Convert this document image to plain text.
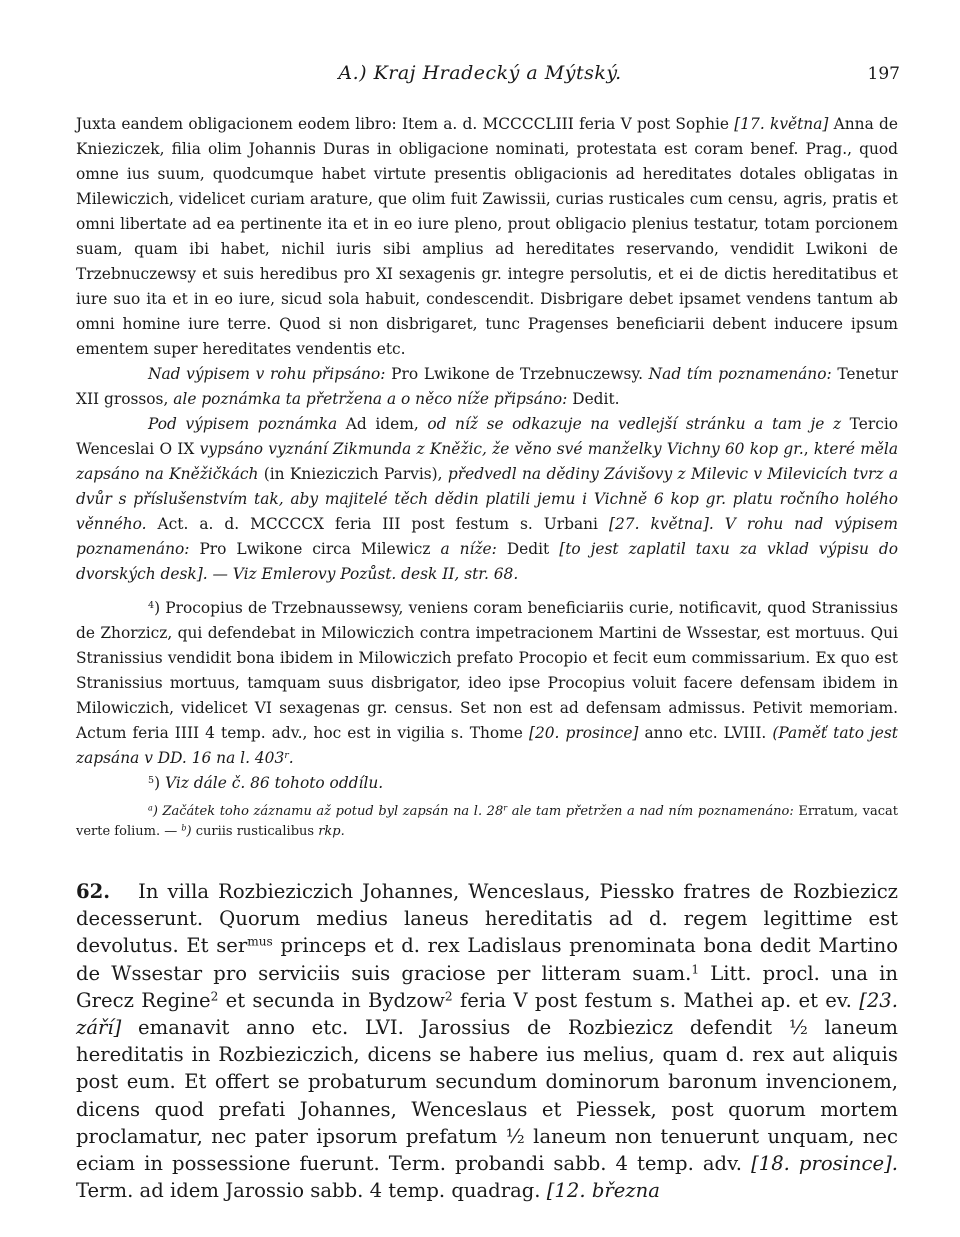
A.) Kraj Hradecký a Mýtský.	197

Juxta eandem obligacionem eodem libro: Item a. d. MCCCCLIII feria V post Sophie [17. května] Anna de Knieziczek, filia olim Johannis Duras in obligacione nominati, protestata est coram benef. Prag., quod omne ius suum, quodcumque habet virtute presentis obligacionis ad hereditates dotales obligatas in Milewiczich, videlicet curiam arature, que olim fuit Zawissii, curias rusticales cum censu, agris, pratis et omni libertate ad ea pertinente ita et in eo iure pleno, prout obligacio plenius testatur, totam porcionem suam, quam ibi habet, nichil iuris sibi amplius ad hereditates reservando, vendidit Lwikoni de Trzebnuczewsy et suis heredibus pro XI sexagenis gr. integre persolutis, et ei de dictis hereditatibus et iure suo ita et in eo iure, sicud sola habuit, condescendit. Disbrigare debet ipsamet vendens tantum ab omni homine iure terre. Quod si non disbrigaret, tunc Pragenses beneficiarii debent inducere ipsum ementem super hereditates vendentis etc.

Nad výpisem v rohu připsáno: Pro Lwikone de Trzebnuczewsy. Nad tím poznamenáno: Tenetur XII grossos, ale poznámka ta přetržena a o něco níže připsáno: Dedit.

Pod výpisem poznámka Ad idem, od níž se odkazuje na vedlejší stránku a tam je z Tercio Wenceslai O IX vypsáno vyznání Zikmunda z Kněžic, že věno své manželky Vichny 60 kop gr., které měla zapsáno na Kněžičkách (in Knieziczich Parvis), předvedl na dědiny Závišovy z Milevic v Milevicích tvrz a dvůr s příslušenstvím tak, aby majitelé těch dědin platili jemu i Vichně 6 kop gr. platu ročního holého věnného. Act. a. d. MCCCCX feria III post festum s. Urbani [27. května]. V rohu nad výpisem poznamenáno: Pro Lwikone circa Milewicz a níže: Dedit [to jest zaplatil taxu za vklad výpisu do dvorských desk]. — Viz Emlerovy Pozůst. desk II, str. 68.

$^4$) Procopius de Trzebnaussewsy, veniens coram beneficiariis curie, notificavit, quod Stranissius de Zhorzicz, qui defendebat in Milowiczich contra impetracionem Martini de Wssestar, est mortuus. Qui Stranissius vendidit bona ibidem in Milowiczich prefato Procopio et fecit eum commissarium. Ex quo est Stranissius mortuus, tamquam suus disbrigator, ideo ipse Procopius voluit facere defensam ibidem in Milowiczich, videlicet VI sexagenas gr. census. Set non est ad defensam admissus. Petivit memoriam. Actum feria IIII 4 temp. adv., hoc est in vigilia s. Thome [20. prosince] anno etc. LVIII. (Paměť tato jest zapsána v DD. 16 na l. 403$^r$.

$^5$) Viz dále č. 86 tohoto oddílu.

$^a$) Začátek toho záznamu až potud byl zapsán na l. 28$^r$ ale tam přetržen a nad ním poznamenáno: Erratum, vacat verte folium. — $^b$) curiis rusticalibus rkp.

62. In villa Rozbieziczich Johannes, Wenceslaus, Piessko fratres de Rozbiezicz decesserunt. Quorum medius laneus hereditatis ad d. regem legittime est devolutus. Et ser$^{mus}$ princeps et d. rex Ladislaus prenominata bona dedit Martino de Wssestar pro serviciis suis graciose per litteram suam.$^1$ Litt. procl. una in Grecz Regine$^2$ et secunda in Bydzow$^2$ feria V post festum s. Mathei ap. et ev. [23. září] emanavit anno etc. LVI. Jarossius de Rozbiezicz defendit ½ laneum hereditatis in Rozbieziczich, dicens se habere ius melius, quam d. rex aut aliquis post eum. Et offert se probaturum secundum dominorum baronum invencionem, dicens quod prefati Johannes, Wenceslaus et Piessek, post quorum mortem proclamatur, nec pater ipsorum prefatum ½ laneum non tenuerunt unquam, nec eciam in possessione fuerunt. Term. probandi sabb. 4 temp. adv. [18. prosince]. Term. ad idem Jarossio sabb. 4 temp. quadrag. [12. března
